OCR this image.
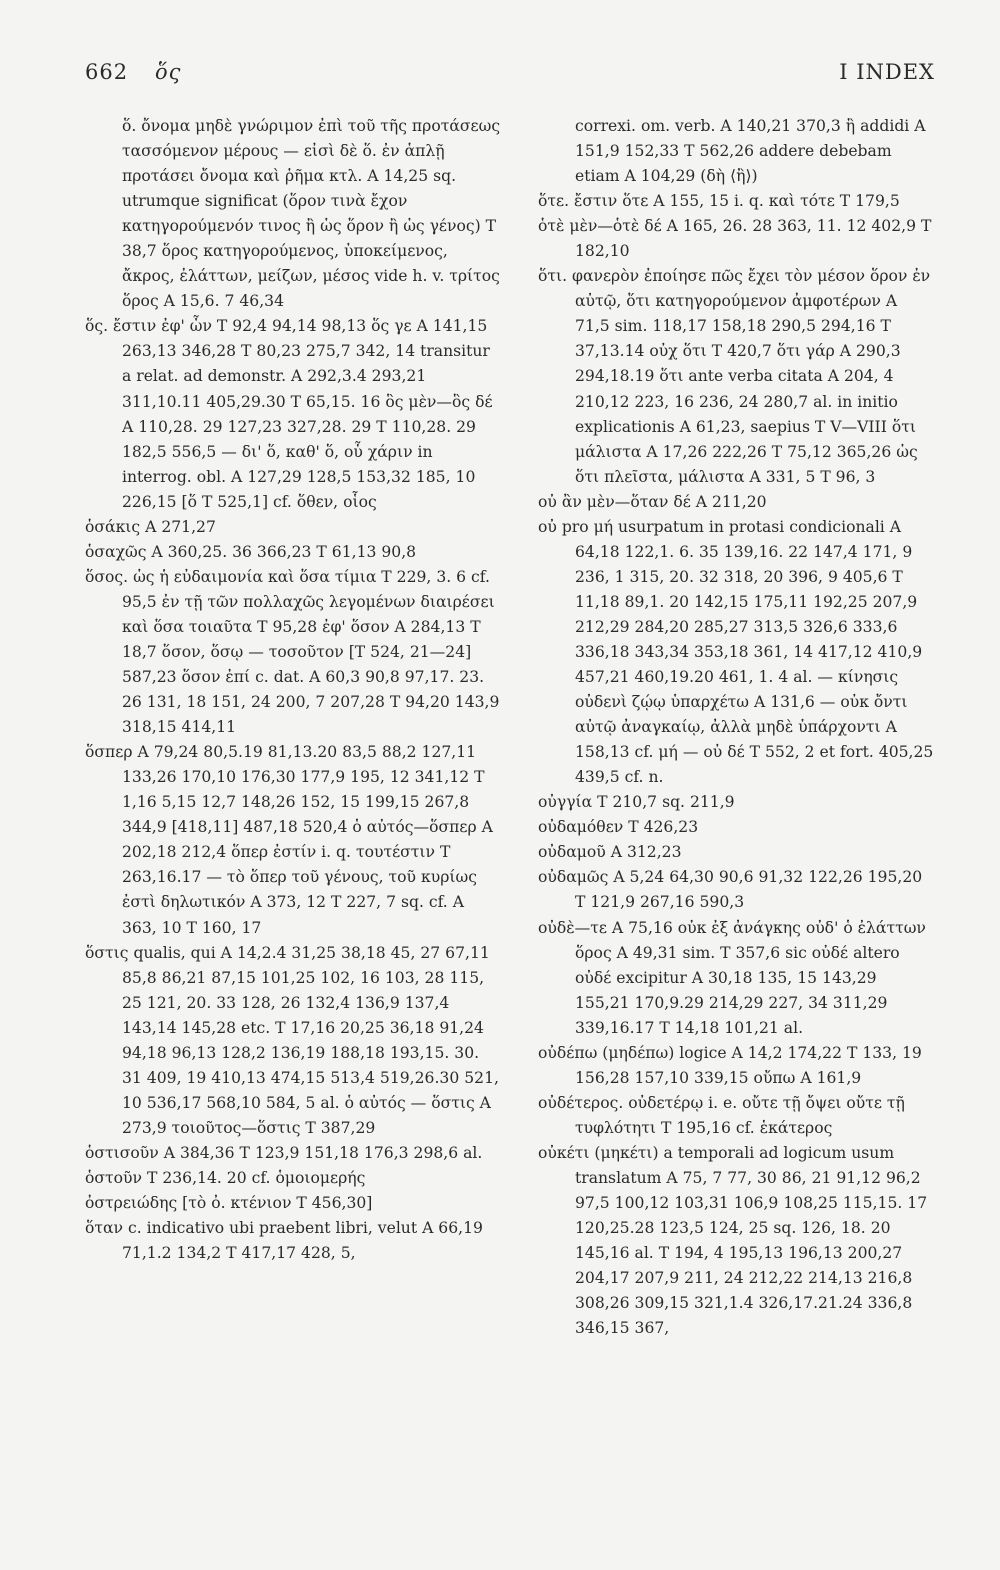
662 ὅς	I INDEX

ὅ. ὄνομα μηδὲ γνώριμον ἐπὶ τοῦ τῆς προτάσεως τασσόμενον μέρους — εἰσὶ δὲ ὅ. ἐν ἁπλῇ προτάσει ὄνομα καὶ ῥῆμα κτλ. Α 14,25 sq. utrumque significat (ὅρον τινὰ ἔχον κατηγορούμενόν τινος ἢ ὡς ὅρον ἢ ὡς γένος) Τ 38,7 ὅρος κατηγορούμενος, ὑποκείμενος, ἄκρος, ἐλάττων, μείζων, μέσος vide h. v. τρίτος ὅρος Α 15,6. 7 46,34

ὅς. ἔστιν ἐφ' ὧν Τ 92,4 94,14 98,13 ὅς γε Α 141,15 263,13 346,28 Τ 80,23 275,7 342, 14 transitur a relat. ad demonstr. Α 292,3.4 293,21 311,10.11 405,29.30 Τ 65,15. 16 ὃς μὲν—ὃς δέ Α 110,28. 29 127,23 327,28. 29 Τ 110,28. 29 182,5 556,5 — δι' ὅ, καθ' ὅ, οὗ χάριν in interrog. obl. Α 127,29 128,5 153,32 185, 10 226,15 [ὅ Τ 525,1] cf. ὅθεν, οἷος

ὁσάκις Α 271,27

ὁσαχῶς Α 360,25. 36 366,23 Τ 61,13 90,8

ὅσος. ὡς ἡ εὐδαιμονία καὶ ὅσα τίμια Τ 229, 3. 6 cf. 95,5 ἐν τῇ τῶν πολλαχῶς λεγομένων διαιρέσει καὶ ὅσα τοιαῦτα Τ 95,28 ἐφ' ὅσον Α 284,13 Τ 18,7 ὅσον, ὅσῳ — τοσοῦτον [Τ 524, 21—24] 587,23 ὅσον ἐπί c. dat. Α 60,3 90,8 97,17. 23. 26 131, 18 151, 24 200, 7 207,28 Τ 94,20 143,9 318,15 414,11

ὅσπερ Α 79,24 80,5.19 81,13.20 83,5 88,2 127,11 133,26 170,10 176,30 177,9 195, 12 341,12 Τ 1,16 5,15 12,7 148,26 152, 15 199,15 267,8 344,9 [418,11] 487,18 520,4 ὁ αὐτός—ὅσπερ Α 202,18 212,4 ὅπερ ἐστίν i. q. τουτέστιν Τ 263,16.17 — τὸ ὅπερ τοῦ γένους, τοῦ κυρίως ἐστὶ δηλωτικόν Α 373, 12 Τ 227, 7 sq. cf. Α 363, 10 Τ 160, 17

ὅστις qualis, qui Α 14,2.4 31,25 38,18 45, 27 67,11 85,8 86,21 87,15 101,25 102, 16 103, 28 115, 25 121, 20. 33 128, 26 132,4 136,9 137,4 143,14 145,28 etc. Τ 17,16 20,25 36,18 91,24 94,18 96,13 128,2 136,19 188,18 193,15. 30. 31 409, 19 410,13 474,15 513,4 519,26.30 521, 10 536,17 568,10 584, 5 al. ὁ αὐτός — ὅστις Α 273,9 τοιοῦτος—ὅστις Τ 387,29

ὁστισοῦν Α 384,36 Τ 123,9 151,18 176,3 298,6 al.

ὁστοῦν Τ 236,14. 20 cf. ὁμοιομερής

ὀστρειώδης [τὸ ὀ. κτένιον Τ 456,30]

ὅταν c. indicativo ubi praebent libri, velut Α 66,19 71,1.2 134,2 Τ 417,17 428, 5,

correxi. om. verb. Α 140,21 370,3 ἢ addidi Α 151,9 152,33 Τ 562,26 addere debebam etiam Α 104,29 (δὴ ⟨ἢ⟩)

ὅτε. ἔστιν ὅτε Α 155, 15 i. q. καὶ τότε Τ 179,5

ὁτὲ μὲν—ὁτὲ δέ Α 165, 26. 28 363, 11. 12 402,9 Τ 182,10

ὅτι. φανερὸν ἐποίησε πῶς ἔχει τὸν μέσον ὅρον ἐν αὐτῷ, ὅτι κατηγορούμενον ἀμφοτέρων Α 71,5 sim. 118,17 158,18 290,5 294,16 Τ 37,13.14 οὐχ ὅτι Τ 420,7 ὅτι γάρ Α 290,3 294,18.19 ὅτι ante verba citata Α 204, 4 210,12 223, 16 236, 24 280,7 al. in initio explicationis Α 61,23, saepius Τ V—VIII ὅτι μάλιστα Α 17,26 222,26 Τ 75,12 365,26 ὡς ὅτι πλεῖστα, μάλιστα Α 331, 5 Τ 96, 3

οὐ ἂν μὲν—ὅταν δέ Α 211,20

οὐ pro μή usurpatum in protasi condicionali Α 64,18 122,1. 6. 35 139,16. 22 147,4 171, 9 236, 1 315, 20. 32 318, 20 396, 9 405,6 Τ 11,18 89,1. 20 142,15 175,11 192,25 207,9 212,29 284,20 285,27 313,5 326,6 333,6 336,18 343,34 353,18 361, 14 417,12 410,9 457,21 460,19.20 461, 1. 4 al. — κίνησις οὐδενὶ ζῴῳ ὑπαρχέτω Α 131,6 — οὐκ ὄντι αὐτῷ ἀναγκαίῳ, ἀλλὰ μηδὲ ὑπάρχοντι Α 158,13 cf. μή — οὐ δέ Τ 552, 2 et fort. 405,25 439,5 cf. n.

οὐγγία Τ 210,7 sq. 211,9

οὐδαμόθεν Τ 426,23

οὐδαμοῦ Α 312,23

οὐδαμῶς Α 5,24 64,30 90,6 91,32 122,26 195,20 Τ 121,9 267,16 590,3

οὐδὲ—τε Α 75,16 οὐκ ἐξ ἀνάγκης οὐδ' ὁ ἐλάττων ὅρος Α 49,31 sim. Τ 357,6 sic οὐδέ altero οὐδέ excipitur Α 30,18 135, 15 143,29 155,21 170,9.29 214,29 227, 34 311,29 339,16.17 Τ 14,18 101,21 al.

οὐδέπω (μηδέπω) logice Α 14,2 174,22 Τ 133, 19 156,28 157,10 339,15 οὔπω Α 161,9

οὐδέτερος. οὐδετέρῳ i. e. οὔτε τῇ ὄψει οὔτε τῇ τυφλότητι Τ 195,16 cf. ἑκάτερος

οὐκέτι (μηκέτι) a temporali ad logicum usum translatum Α 75, 7 77, 30 86, 21 91,12 96,2 97,5 100,12 103,31 106,9 108,25 115,15. 17 120,25.28 123,5 124, 25 sq. 126, 18. 20 145,16 al. Τ 194, 4 195,13 196,13 200,27 204,17 207,9 211, 24 212,22 214,13 216,8 308,26 309,15 321,1.4 326,17.21.24 336,8 346,15 367,
